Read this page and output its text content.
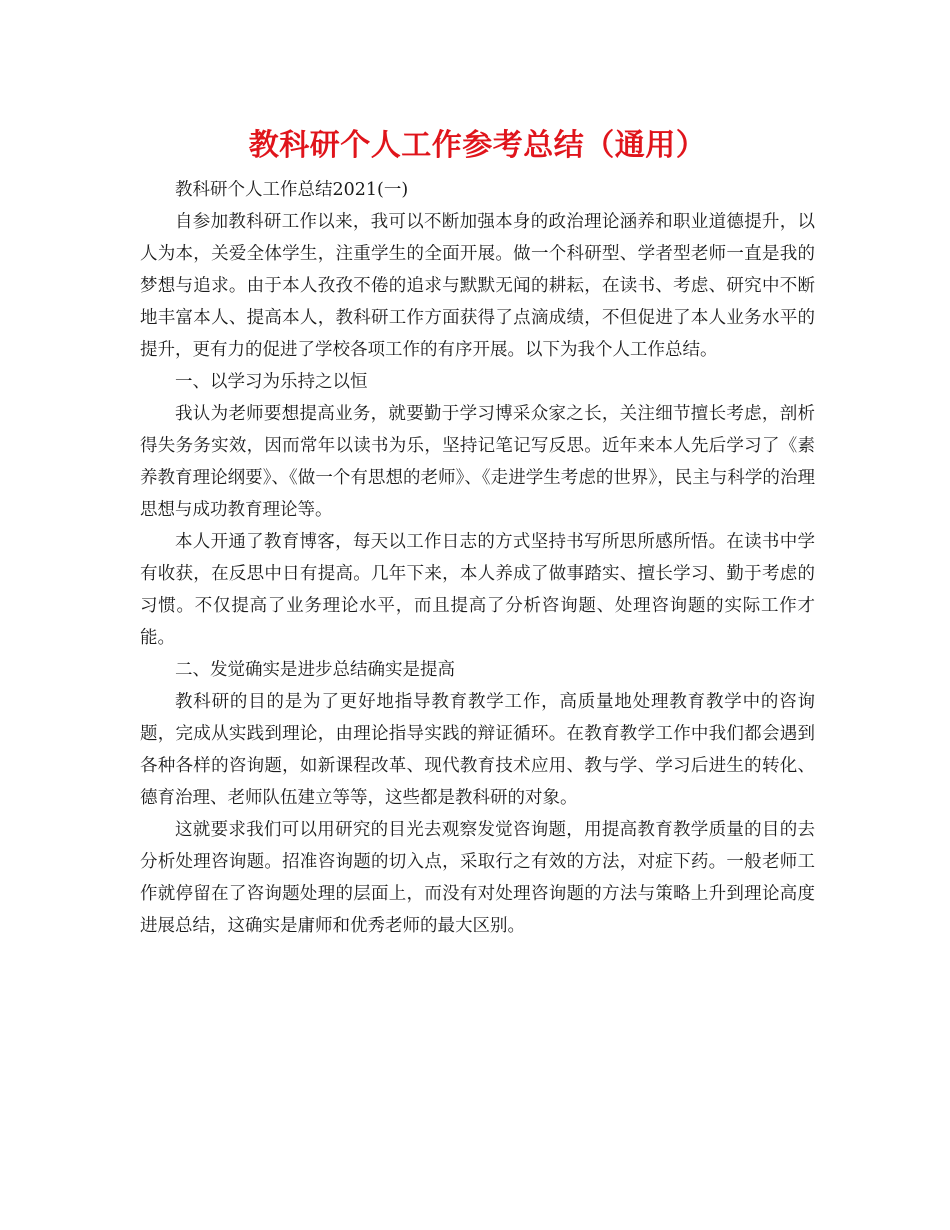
教科研个人工作参考总结（通用）

教科研个人工作总结2021(一)

自参加教科研工作以来，我可以不断加强本身的政治理论涵养和职业道德提升，以人为本，关爱全体学生，注重学生的全面开展。做一个科研型、学者型老师一直是我的梦想与追求。由于本人孜孜不倦的追求与默默无闻的耕耘，在读书、考虑、研究中不断地丰富本人、提高本人，教科研工作方面获得了点滴成绩，不但促进了本人业务水平的提升，更有力的促进了学校各项工作的有序开展。以下为我个人工作总结。

一、以学习为乐持之以恒

我认为老师要想提高业务，就要勤于学习博采众家之长，关注细节擅长考虑，剖析得失务务实效，因而常年以读书为乐，坚持记笔记写反思。近年来本人先后学习了《素养教育理论纲要》、《做一个有思想的老师》、《走进学生考虑的世界》，民主与科学的治理思想与成功教育理论等。

本人开通了教育博客，每天以工作日志的方式坚持书写所思所感所悟。在读书中学有收获，在反思中日有提高。几年下来，本人养成了做事踏实、擅长学习、勤于考虑的习惯。不仅提高了业务理论水平，而且提高了分析咨询题、处理咨询题的实际工作才能。

二、发觉确实是进步总结确实是提高

教科研的目的是为了更好地指导教育教学工作，高质量地处理教育教学中的咨询题，完成从实践到理论，由理论指导实践的辩证循环。在教育教学工作中我们都会遇到各种各样的咨询题，如新课程改革、现代教育技术应用、教与学、学习后进生的转化、德育治理、老师队伍建立等等，这些都是教科研的对象。

这就要求我们可以用研究的目光去观察发觉咨询题，用提高教育教学质量的目的去分析处理咨询题。招准咨询题的切入点，采取行之有效的方法，对症下药。一般老师工作就停留在了咨询题处理的层面上，而没有对处理咨询题的方法与策略上升到理论高度进展总结，这确实是庸师和优秀老师的最大区别。
